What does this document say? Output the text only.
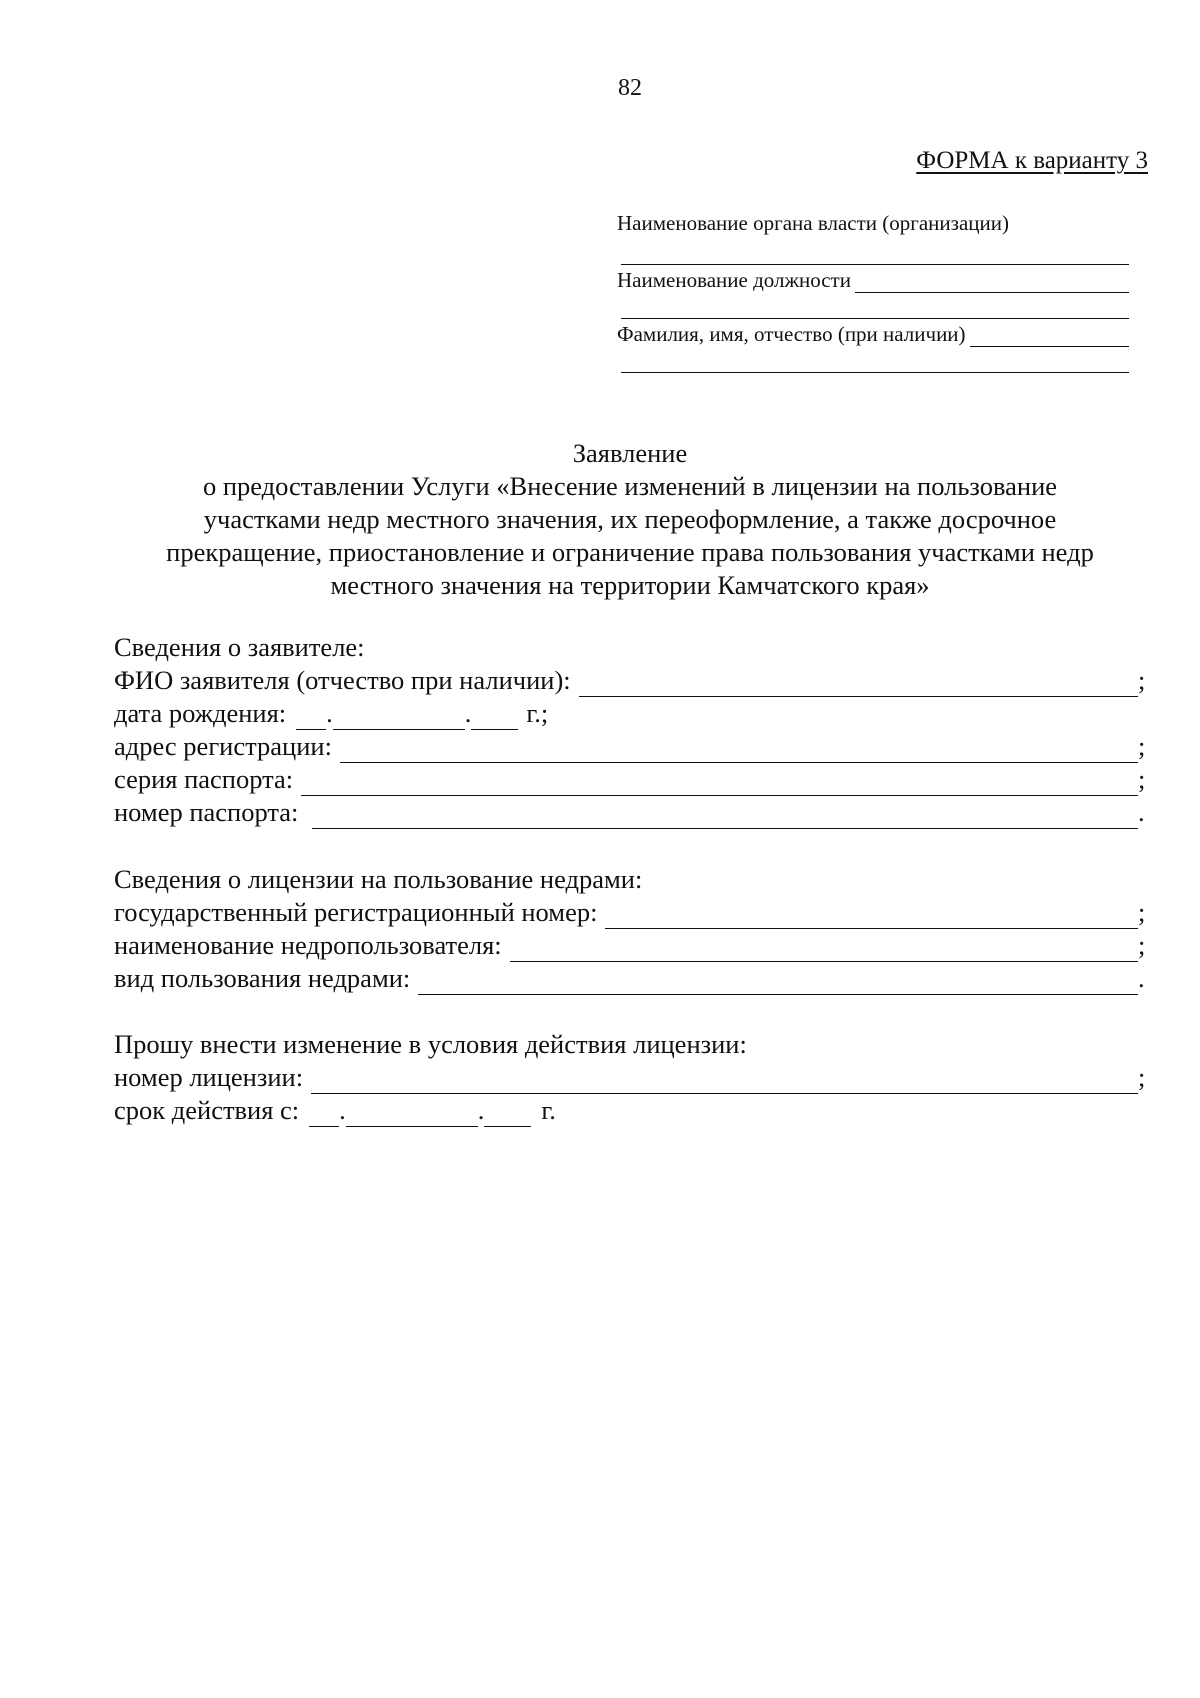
82
ФОРМА к варианту 3
Наименование органа власти (организации)
Наименование должности
Фамилия, имя, отчество (при наличии)
Заявление
о предоставлении Услуги «Внесение изменений в лицензии на пользование
участками недр местного значения, их переоформление, а также досрочное
прекращение, приостановление и ограничение права пользования участками недр
местного значения на территории Камчатского края»
Сведения о заявителе:
ФИО заявителя (отчество при наличии):	;
дата рождения: .	. г.;
адрес регистрации:	;
серия паспорта:	;
номер паспорта:	.
Сведения о лицензии на пользование недрами:
государственный регистрационный номер:	;
наименование недропользователя:	;
вид пользования недрами:	.
Прошу внести изменение в условия действия лицензии:
номер лицензии:	;
срок действия с: .	. г.
